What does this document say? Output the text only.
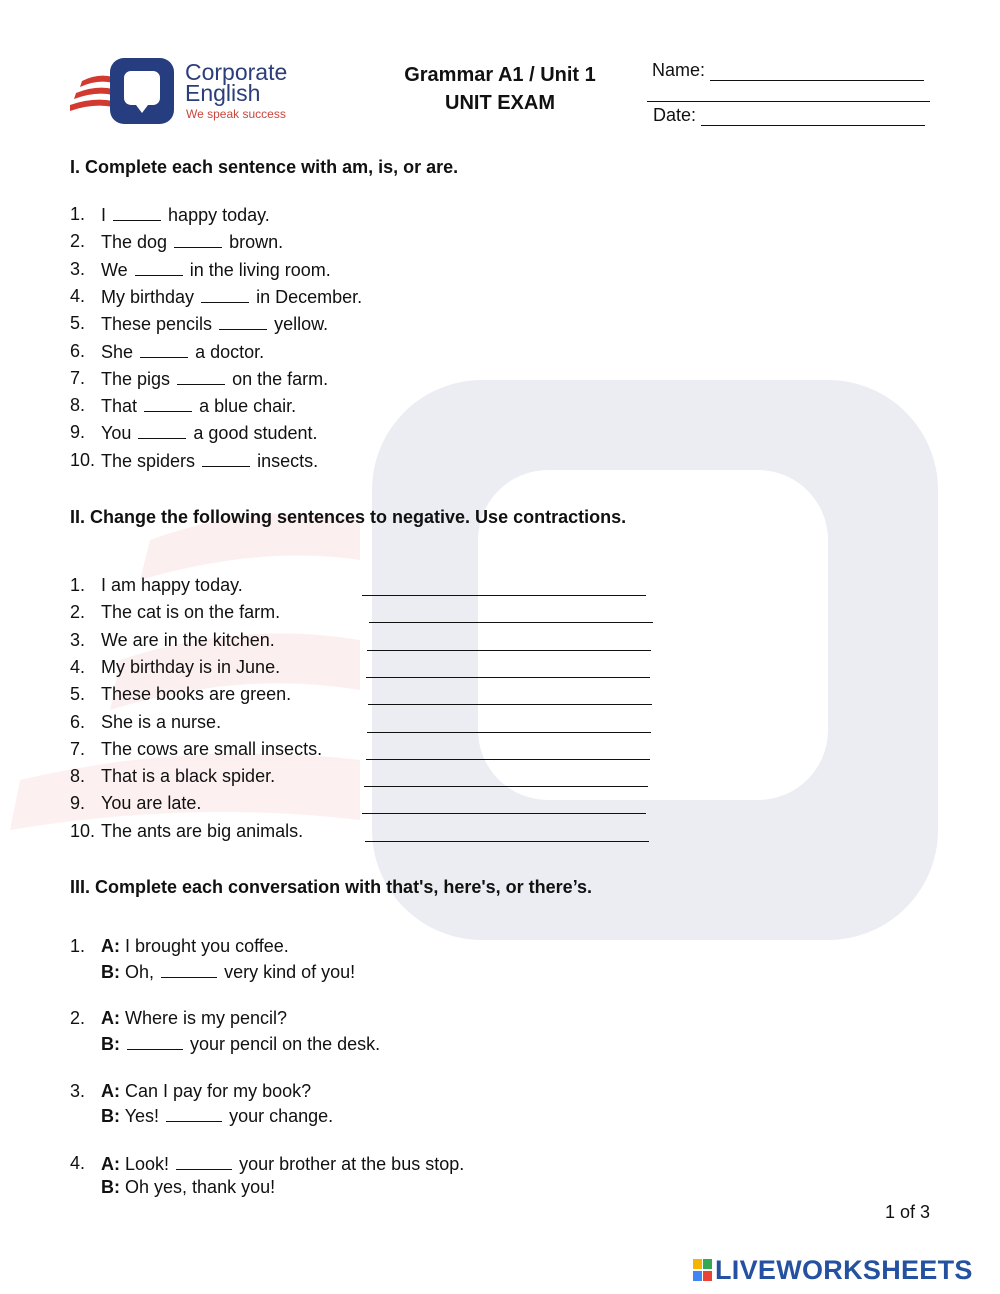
Corporate
English
We speak success
Grammar A1 / Unit 1
UNIT EXAM
Name:
Date:
I. Complete each sentence with am, is, or are.
1. I	happy today.
2. The dog	brown.
3. We	in the living room.
4. My birthday	in December.
5. These pencils	yellow.
6. She	a doctor.
7. The pigs	on the farm.
8. That	a blue chair.
9. You	a good student.
10. The spiders	insects.
II. Change the following sentences to negative. Use contractions.
1. I am happy today.
2. The cat is on the farm.
3. We are in the kitchen.
4. My birthday is in June.
5. These books are green.
6. She is a nurse.
7. The cows are small insects.
8. That is a black spider.
9. You are late.
10. The ants are big animals.
III. Complete each conversation with that's, here's, or there’s.
1. A: I brought you coffee.
B: Oh,	very kind of you!
2. A: Where is my pencil?
B:	your pencil on the desk.
3. A: Can I pay for my book?
B: Yes!	your change.
4. A: Look!	your brother at the bus stop.
B: Oh yes, thank you!
1 of 3
LIVEWORKSHEETS
